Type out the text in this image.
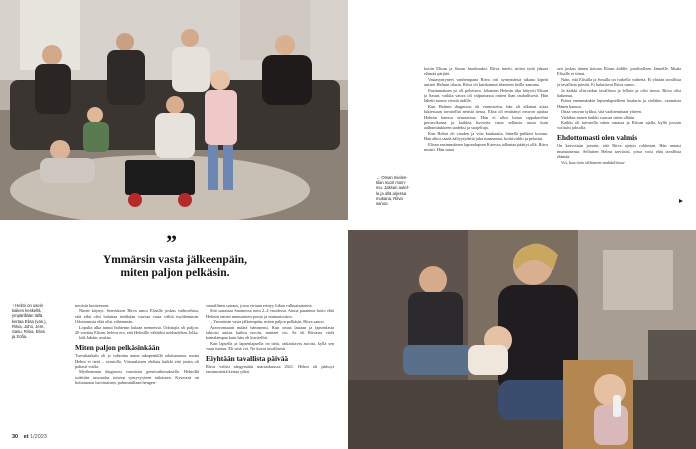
← Oman mielen-tilan nuori mum-mu. Jaksan autel-la ja ollä arjessa mukana, Ritva sanoo.

kotiin Elisan ja Sasun Jaarikuuksi. Ritva mietti, miten tyttö jaksaa elämää pärjätä.

Vastasyntyneet vanhempana Ritva otti syntymänsä aikana kipeät uutiset Helmin tilasta. Ritva oli kuiskannut tilanteen heille aamuna.

Ensimmäinen yö oli pelottava. Jokainen Helmin itku hätyytti Elisan ja Sasun, vaikka vauva oli valpumassa omien ihan rauhallisesti. Hän lähetti monta viestiä äidille.

Kun Helmin diagnoosi oli varmistettu, hän oli alkanut asiaa lukiessaan tavoitellut netistä tietoa. Elisa oli emittänyt neuvon ajattaa Helmin kanssa seuraavina. Hän ei ollut lottaa rippakuvihin perusvikansa ja kaikkia kuvioita vasta sellaisia uusia kuin aalbumitukkeen uudeksi ja suojeltuja.

Kun Helmi oli vuoden ja viisi kuukautta, hänellä puhkesi kotona. Hän alkoi saada ääliyytydettä joka maanantai, koskivirkki ja pelastui.

Elisan ensimmäinen lapsenlapsen Karessa tallentaa päättyi ollä. Ritva muisti. Hän sanoi

sen joskus äänen kotona Elisan äidille, puolisolleen Jannelle, Mutta Elisalle ei tiinut.

Näin, että Elisalla ja Sasulla on vaikella vaihetta. Ei yhtään tavallista ja tavallista päivää. Ei haluttavat Ritva sanoo.

Ja kaikki olisivatkin tavallisen ja lelloin ja olisi tieroa. Ritva olisi halunnut.

Puhut enemmänkin lapsenlapselleen haalarin ja vieläkin, vaunuista Hänen kanssa.

Ottaa vauvan syliksi, sitä vaaliteminaat yhteen.

Vieläkin ennen kaikki vauvan sitten ollään.

Kaikki oli taivutella sitten omassa ja Ritvan ajalla, kyllä jossain voittaisi jaksolla.

Ehdottomasti olen valmis

On kasvottain jossain, että Ritva ajatyts rohkeaan. Hän antaisi munuaisensa. Sellaisen Helmi tarvitsisi, jossa voisi elää tavallista elämää.

Voi, kun tieto tällaiseen mahdollisuu-

”
Ymmärsin vasta jälkeenpäin, miten paljon pelkäsin.
↑ Helmi on usein kaiken keskellä, ympärillään tällä kertaa Elisa (vas.), Ritva, Juho, Jere, Sasu, Riina, Elias ja Sofia.

nevästä luotteeseen.

Nimet käynyt. Senvuksen Ritva sanoi Elisalle joskus vaihtoehtoa, että eikä olisi haluttaa tietäkään vauvaa vasta välttä myöhemmin. Odottamista elää olisi vähemmän.

Lopulta alka tuntui huhtenin kulaan mennessä. Odottajia oli paljon: 20 vuottaa Elisan, heleva ero, että Helmille välttäksi neidiadelsen Jolka.

lolä Jahdas avulan.

Miten paljon pelkäsinkään

Turvakaukalo oli jo valmiina auton takapenkillä odottamassa, mutta Helmi ei tietä – osastolla. Virtuaalaisen ehdista kaikki että jotain oli pahasti vialla.

Myöhemmin diagnoosi varmistui geenitutkimuksella. Helmillä todettiin sauonalas toiseen syntyvyyteen tatkäseen. Kysesesä on hoitamaton harvinainen, pahimmillaan hengen-

vaarallinen sairaus, jossa virtaan erittyy liikaa valkuaisaineita.

Sitä sairastaa Suomessa noin 2–4 vuodessa. Ainoa parannus hoito elää Helmin omien munuaisten poisto ja munuaissiirto.

– Ymmärsin vasta jälkeenpäin, miten paljon pelkäsin, Ritva sanoo.

Aranvomaaan määrä hämmensi. Kun omaa lastaan ja lapsenlasta tahtoisi auttaa kaikin tavoin, muttaei voi. Se oli Ritvasta vielä kamalampaa kuin hän oli kuvitellut.

Kun lapsella ja lapsenlapsella on tietä, ratkaistavia asioita, kyllä sen vaan tuntuu. Eli siitä voi. Ne kuvat tavallisesti.

Eiyhtään tavallista päivää

Ritva valitsi sängyssään marraskuussa 2021. Helmi oli päässyt ensimmäistä kertaa yöksi

30 et 1/2023
